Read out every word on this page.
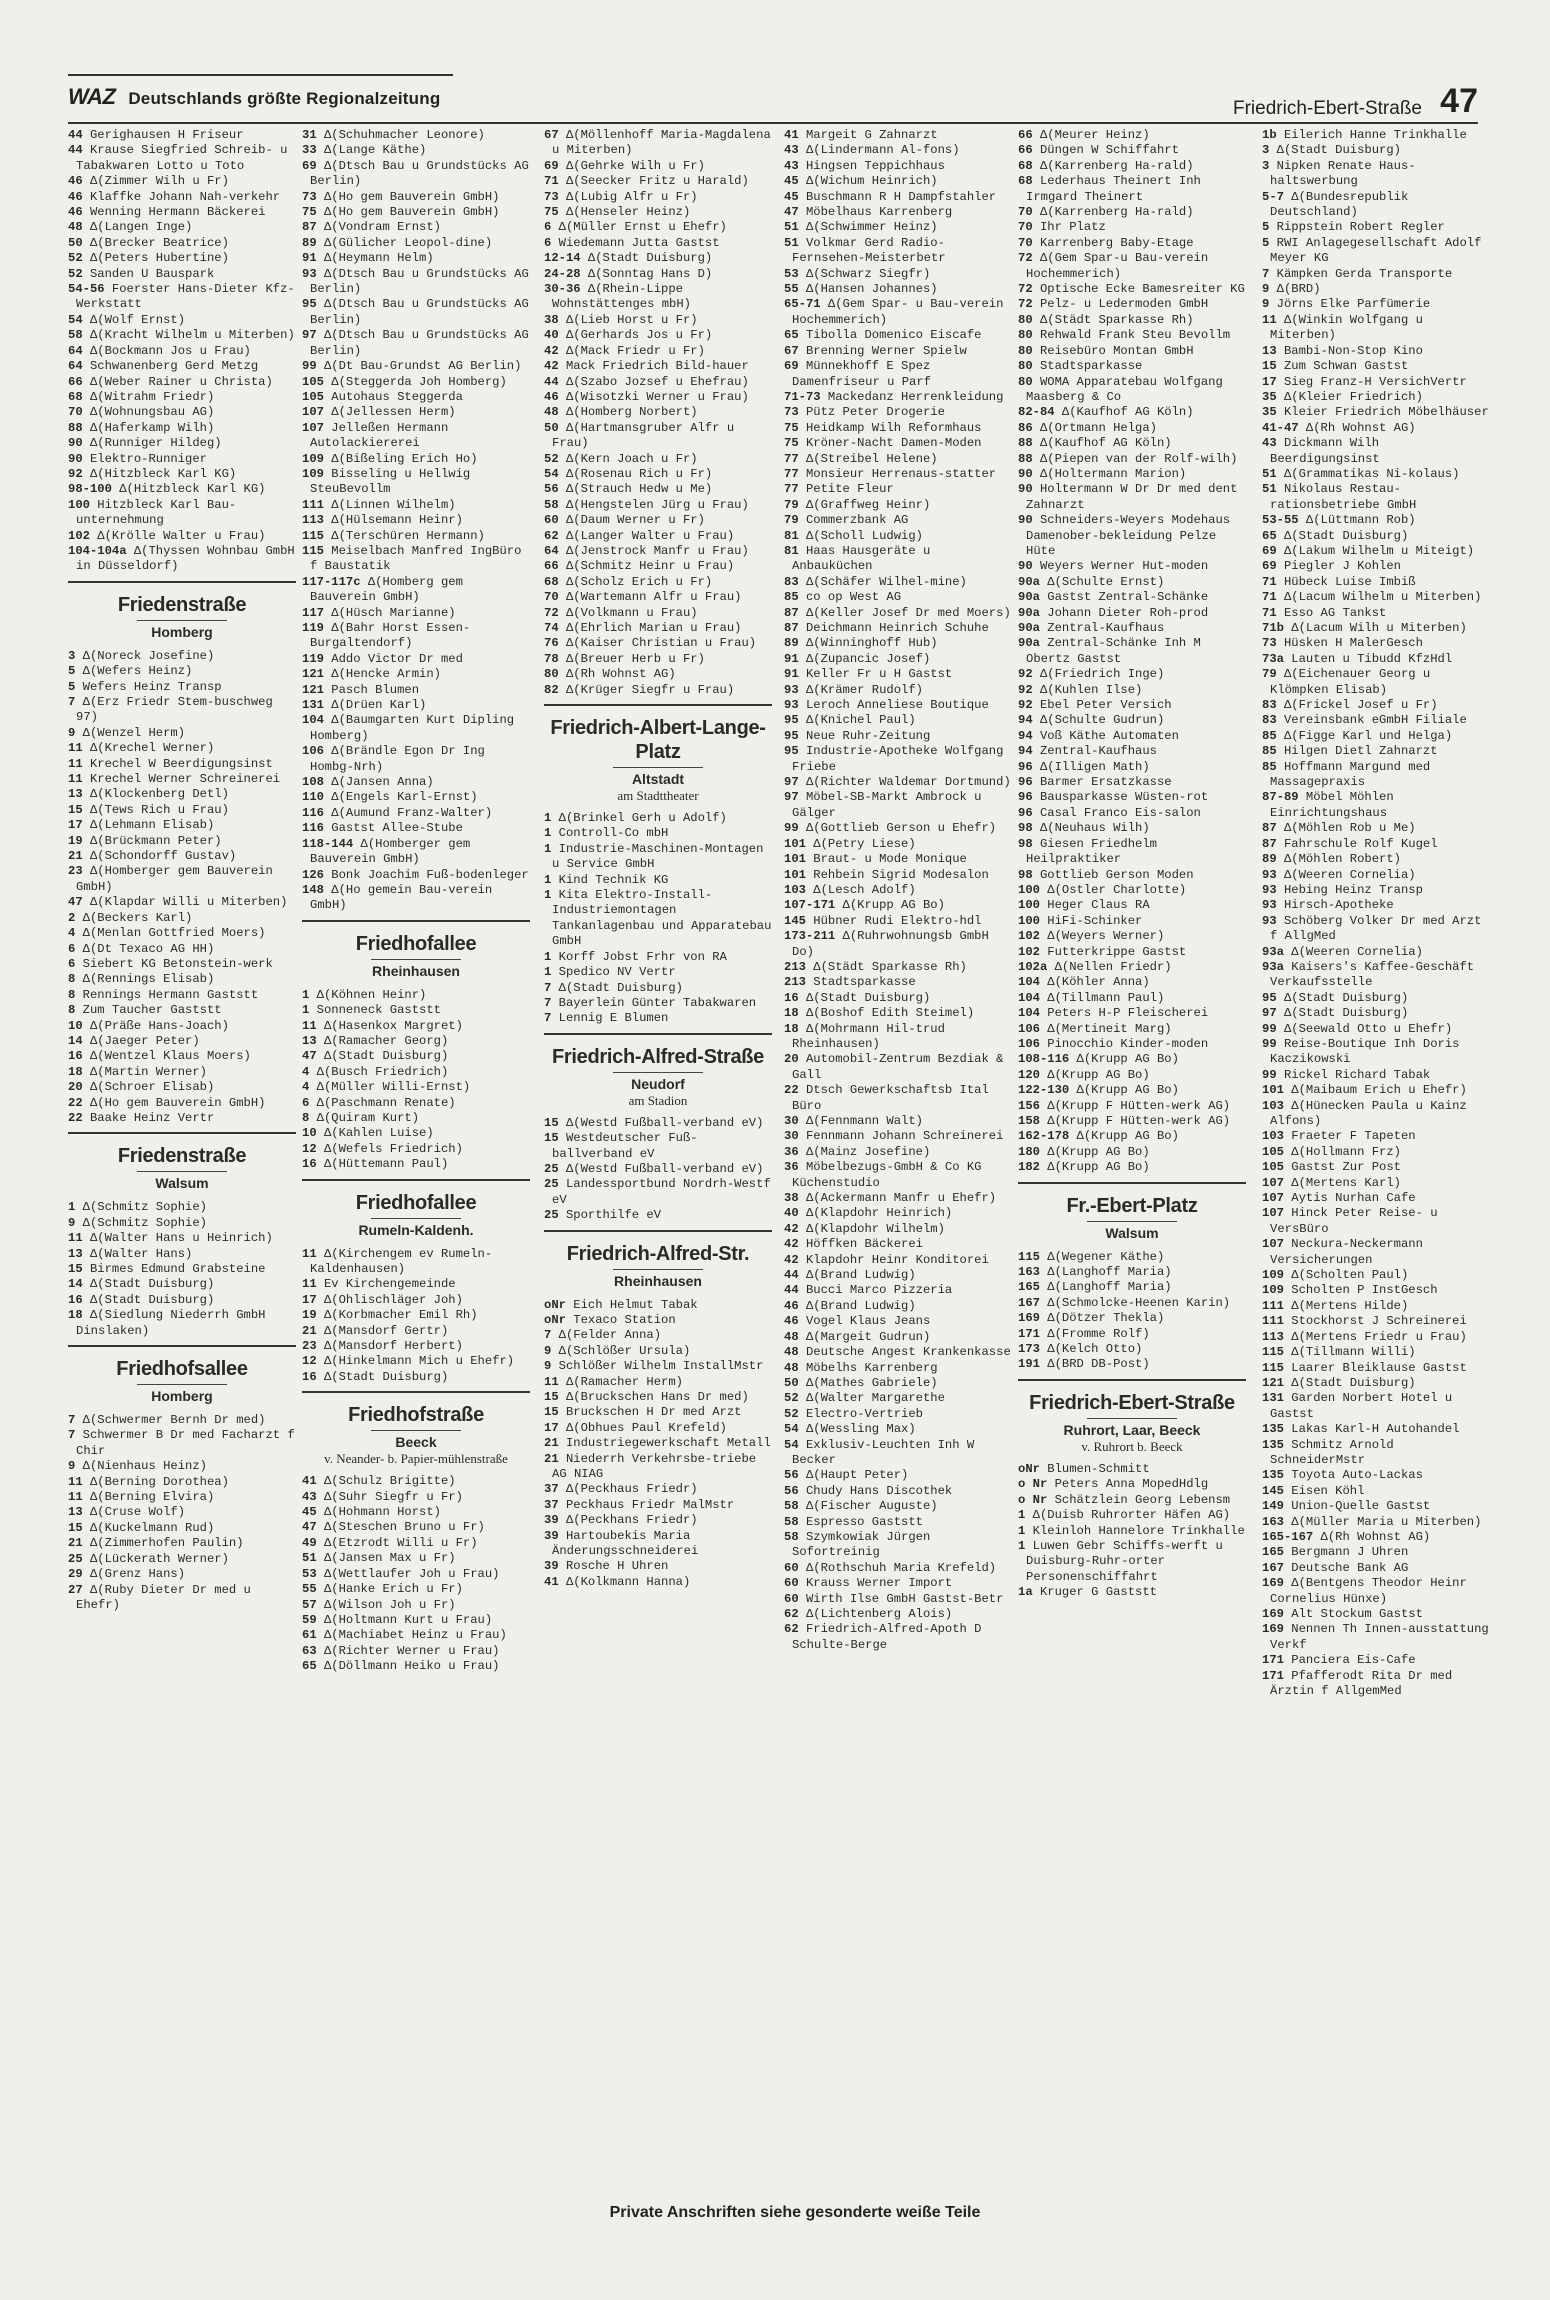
WAZ Deutschlands größte Regionalzeitung	Friedrich-Ebert-Straße 47

44 Gerighausen H Friseur

44 Krause Siegfried Schreib- u Tabakwaren Lotto u Toto

46 Δ(Zimmer Wilh u Fr)

46 Klaffke Johann Nah-verkehr

46 Wenning Hermann Bäckerei

48 Δ(Langen Inge)

50 Δ(Brecker Beatrice)

52 Δ(Peters Hubertine)

52 Sanden U Bauspark

54-56 Foerster Hans-Dieter Kfz-Werkstatt

54 Δ(Wolf Ernst)

58 Δ(Kracht Wilhelm u Miterben)

64 Δ(Bockmann Jos u Frau)

64 Schwanenberg Gerd Metzg

66 Δ(Weber Rainer u Christa)

68 Δ(Witrahm Friedr)

70 Δ(Wohnungsbau AG)

88 Δ(Haferkamp Wilh)

90 Δ(Runniger Hildeg)

90 Elektro-Runniger

92 Δ(Hitzbleck Karl KG)

98-100 Δ(Hitzbleck Karl KG)

100 Hitzbleck Karl Bau-unternehmung

102 Δ(Krölle Walter u Frau)

104-104a Δ(Thyssen Wohnbau GmbH in Düsseldorf)

Friedenstraße
Homberg

3 Δ(Noreck Josefine)

5 Δ(Wefers Heinz)

5 Wefers Heinz Transp

7 Δ(Erz Friedr Stem-buschweg 97)

9 Δ(Wenzel Herm)

11 Δ(Krechel Werner)

11 Krechel W Beerdigungsinst

11 Krechel Werner Schreinerei

13 Δ(Klockenberg Detl)

15 Δ(Tews Rich u Frau)

17 Δ(Lehmann Elisab)

19 Δ(Brückmann Peter)

21 Δ(Schondorff Gustav)

23 Δ(Homberger gem Bauverein GmbH)

47 Δ(Klapdar Willi u Miterben)

2 Δ(Beckers Karl)

4 Δ(Menlan Gottfried Moers)

6 Δ(Dt Texaco AG HH)

6 Siebert KG Betonstein-werk

8 Δ(Rennings Elisab)

8 Rennings Hermann Gaststt

8 Zum Taucher Gaststt

10 Δ(Präße Hans-Joach)

14 Δ(Jaeger Peter)

16 Δ(Wentzel Klaus Moers)

18 Δ(Martin Werner)

20 Δ(Schroer Elisab)

22 Δ(Ho gem Bauverein GmbH)

22 Baake Heinz Vertr

Friedenstraße
Walsum

1 Δ(Schmitz Sophie)

9 Δ(Schmitz Sophie)

11 Δ(Walter Hans u Heinrich)

13 Δ(Walter Hans)

15 Birmes Edmund Grabsteine

14 Δ(Stadt Duisburg)

16 Δ(Stadt Duisburg)

18 Δ(Siedlung Niederrh GmbH Dinslaken)

Friedhofsallee
Homberg

7 Δ(Schwermer Bernh Dr med)

7 Schwermer B Dr med Facharzt f Chir

9 Δ(Nienhaus Heinz)

11 Δ(Berning Dorothea)

11 Δ(Berning Elvira)

13 Δ(Cruse Wolf)

15 Δ(Kuckelmann Rud)

21 Δ(Zimmerhofen Paulin)

25 Δ(Lückerath Werner)

29 Δ(Grenz Hans)

27 Δ(Ruby Dieter Dr med u Ehefr)

31 Δ(Schuhmacher Leonore)

33 Δ(Lange Käthe)

69 Δ(Dtsch Bau u Grundstücks AG Berlin)

73 Δ(Ho gem Bauverein GmbH)

75 Δ(Ho gem Bauverein GmbH)

87 Δ(Vondram Ernst)

89 Δ(Gülicher Leopol-dine)

91 Δ(Heymann Helm)

93 Δ(Dtsch Bau u Grundstücks AG Berlin)

95 Δ(Dtsch Bau u Grundstücks AG Berlin)

97 Δ(Dtsch Bau u Grundstücks AG Berlin)

99 Δ(Dt Bau-Grundst AG Berlin)

105 Δ(Steggerda Joh Homberg)

105 Autohaus Steggerda

107 Δ(Jellessen Herm)

107 Jelleßen Hermann Autolackiererei

109 Δ(Bißeling Erich Ho)

109 Bisseling u Hellwig SteuBevollm

111 Δ(Linnen Wilhelm)

113 Δ(Hülsemann Heinr)

115 Δ(Terschüren Hermann)

115 Meiselbach Manfred IngBüro f Baustatik

117-117c Δ(Homberg gem Bauverein GmbH)

117 Δ(Hüsch Marianne)

119 Δ(Bahr Horst Essen-Burgaltendorf)

119 Addo Victor Dr med

121 Δ(Hencke Armin)

121 Pasch Blumen

131 Δ(Drüen Karl)

104 Δ(Baumgarten Kurt Dipling Homberg)

106 Δ(Brändle Egon Dr Ing Hombg-Nrh)

108 Δ(Jansen Anna)

110 Δ(Engels Karl-Ernst)

116 Δ(Aumund Franz-Walter)

116 Gastst Allee-Stube

118-144 Δ(Homberger gem Bauverein GmbH)

126 Bonk Joachim Fuß-bodenleger

148 Δ(Ho gemein Bau-verein GmbH)

Friedhofallee
Rheinhausen

1 Δ(Köhnen Heinr)

1 Sonneneck Gaststt

11 Δ(Hasenkox Margret)

13 Δ(Ramacher Georg)

47 Δ(Stadt Duisburg)

4 Δ(Busch Friedrich)

4 Δ(Müller Willi-Ernst)

6 Δ(Paschmann Renate)

8 Δ(Quiram Kurt)

10 Δ(Kahlen Luise)

12 Δ(Wefels Friedrich)

16 Δ(Hüttemann Paul)

Friedhofallee
Rumeln-Kaldenh.

11 Δ(Kirchengem ev Rumeln-Kaldenhausen)

11 Ev Kirchengemeinde

17 Δ(Ohlischläger Joh)

19 Δ(Korbmacher Emil Rh)

21 Δ(Mansdorf Gertr)

23 Δ(Mansdorf Herbert)

12 Δ(Hinkelmann Mich u Ehefr)

16 Δ(Stadt Duisburg)

Friedhofstraße
Beeck
v. Neander- b. Papier-mühlenstraße

41 Δ(Schulz Brigitte)

43 Δ(Suhr Siegfr u Fr)

45 Δ(Hohmann Horst)

47 Δ(Steschen Bruno u Fr)

49 Δ(Etzrodt Willi u Fr)

51 Δ(Jansen Max u Fr)

53 Δ(Wettlaufer Joh u Frau)

55 Δ(Hanke Erich u Fr)

57 Δ(Wilson Joh u Fr)

59 Δ(Holtmann Kurt u Frau)

61 Δ(Machiabet Heinz u Frau)

63 Δ(Richter Werner u Frau)

65 Δ(Döllmann Heiko u Frau)

67 Δ(Möllenhoff Maria-Magdalena u Miterben)

69 Δ(Gehrke Wilh u Fr)

71 Δ(Seecker Fritz u Harald)

73 Δ(Lubig Alfr u Fr)

75 Δ(Henseler Heinz)

6 Δ(Müller Ernst u Ehefr)

6 Wiedemann Jutta Gastst

12-14 Δ(Stadt Duisburg)

24-28 Δ(Sonntag Hans D)

30-36 Δ(Rhein-Lippe Wohnstättenges mbH)

38 Δ(Lieb Horst u Fr)

40 Δ(Gerhards Jos u Fr)

42 Δ(Mack Friedr u Fr)

42 Mack Friedrich Bild-hauer

44 Δ(Szabo Jozsef u Ehefrau)

46 Δ(Wisotzki Werner u Frau)

48 Δ(Homberg Norbert)

50 Δ(Hartmansgruber Alfr u Frau)

52 Δ(Kern Joach u Fr)

54 Δ(Rosenau Rich u Fr)

56 Δ(Strauch Hedw u Me)

58 Δ(Hengstelen Jürg u Frau)

60 Δ(Daum Werner u Fr)

62 Δ(Langer Walter u Frau)

64 Δ(Jenstrock Manfr u Frau)

66 Δ(Schmitz Heinr u Frau)

68 Δ(Scholz Erich u Fr)

70 Δ(Wartemann Alfr u Frau)

72 Δ(Volkmann u Frau)

74 Δ(Ehrlich Marian u Frau)

76 Δ(Kaiser Christian u Frau)

78 Δ(Breuer Herb u Fr)

80 Δ(Rh Wohnst AG)

82 Δ(Krüger Siegfr u Frau)

Friedrich-Albert-Lange-Platz
Altstadt
am Stadttheater

1 Δ(Brinkel Gerh u Adolf)

1 Controll-Co mbH

1 Industrie-Maschinen-Montagen u Service GmbH

1 Kind Technik KG

1 Kita Elektro-Install-Industriemontagen Tankanlagenbau und Apparatebau GmbH

1 Korff Jobst Frhr von RA

1 Spedico NV Vertr

7 Δ(Stadt Duisburg)

7 Bayerlein Günter Tabakwaren

7 Lennig E Blumen

Friedrich-Alfred-Straße
Neudorf
am Stadion

15 Δ(Westd Fußball-verband eV)

15 Westdeutscher Fuß-ballverband eV

25 Δ(Westd Fußball-verband eV)

25 Landessportbund Nordrh-Westf eV

25 Sporthilfe eV

Friedrich-Alfred-Str.
Rheinhausen

oNr Eich Helmut Tabak

oNr Texaco Station

7 Δ(Felder Anna)

9 Δ(Schlößer Ursula)

9 Schlößer Wilhelm InstallMstr

11 Δ(Ramacher Herm)

15 Δ(Bruckschen Hans Dr med)

15 Bruckschen H Dr med Arzt

17 Δ(Obhues Paul Krefeld)

21 Industriegewerkschaft Metall

21 Niederrh Verkehrsbe-triebe AG NIAG

37 Δ(Peckhaus Friedr)

37 Peckhaus Friedr MalMstr

39 Δ(Peckhans Friedr)

39 Hartoubekis Maria Änderungsschneiderei

39 Rosche H Uhren

41 Δ(Kolkmann Hanna)

41 Margeit G Zahnarzt

43 Δ(Lindermann Al-fons)

43 Hingsen Teppichhaus

45 Δ(Wichum Heinrich)

45 Buschmann R H Dampfstahler

47 Möbelhaus Karrenberg

51 Δ(Schwimmer Heinz)

51 Volkmar Gerd Radio-Fernsehen-Meisterbetr

53 Δ(Schwarz Siegfr)

55 Δ(Hansen Johannes)

65-71 Δ(Gem Spar- u Bau-verein Hochemmerich)

65 Tibolla Domenico Eiscafe

67 Brenning Werner Spielw

69 Münnekhoff E Spez Damenfriseur u Parf

71-73 Mackedanz Herrenkleidung

73 Pütz Peter Drogerie

75 Heidkamp Wilh Reformhaus

75 Kröner-Nacht Damen-Moden

77 Δ(Streibel Helene)

77 Monsieur Herrenaus-statter

77 Petite Fleur

79 Δ(Graffweg Heinr)

79 Commerzbank AG

81 Δ(Scholl Ludwig)

81 Haas Hausgeräte u Anbauküchen

83 Δ(Schäfer Wilhel-mine)

85 co op West AG

87 Δ(Keller Josef Dr med Moers)

87 Deichmann Heinrich Schuhe

89 Δ(Winninghoff Hub)

91 Δ(Zupancic Josef)

91 Keller Fr u H Gastst

93 Δ(Krämer Rudolf)

93 Leroch Anneliese Boutique

95 Δ(Knichel Paul)

95 Neue Ruhr-Zeitung

95 Industrie-Apotheke Wolfgang Friebe

97 Δ(Richter Waldemar Dortmund)

97 Möbel-SB-Markt Ambrock u Gälger

99 Δ(Gottlieb Gerson u Ehefr)

101 Δ(Petry Liese)

101 Braut- u Mode Monique

101 Rehbein Sigrid Modesalon

103 Δ(Lesch Adolf)

107-171 Δ(Krupp AG Bo)

145 Hübner Rudi Elektro-hdl

173-211 Δ(Ruhrwohnungsb GmbH Do)

213 Δ(Städt Sparkasse Rh)

213 Stadtsparkasse

16 Δ(Stadt Duisburg)

18 Δ(Boshof Edith Steimel)

18 Δ(Mohrmann Hil-trud Rheinhausen)

20 Automobil-Zentrum Bezdiak & Gall

22 Dtsch Gewerkschaftsb Ital Büro

30 Δ(Fennmann Walt)

30 Fennmann Johann Schreinerei

36 Δ(Mainz Josefine)

36 Möbelbezugs-GmbH & Co KG Küchenstudio

38 Δ(Ackermann Manfr u Ehefr)

40 Δ(Klapdohr Heinrich)

42 Δ(Klapdohr Wilhelm)

42 Höffken Bäckerei

42 Klapdohr Heinr Konditorei

44 Δ(Brand Ludwig)

44 Bucci Marco Pizzeria

46 Δ(Brand Ludwig)

46 Vogel Klaus Jeans

48 Δ(Margeit Gudrun)

48 Deutsche Angest Krankenkasse

48 Möbelhs Karrenberg

50 Δ(Mathes Gabriele)

52 Δ(Walter Margarethe

52 Electro-Vertrieb

54 Δ(Wessling Max)

54 Exklusiv-Leuchten Inh W Becker

56 Δ(Haupt Peter)

56 Chudy Hans Discothek

58 Δ(Fischer Auguste)

58 Espresso Gaststt

58 Szymkowiak Jürgen Sofortreinig

60 Δ(Rothschuh Maria Krefeld)

60 Krauss Werner Import

60 Wirth Ilse GmbH Gastst-Betr

62 Δ(Lichtenberg Alois)

62 Friedrich-Alfred-Apoth D Schulte-Berge

66 Δ(Meurer Heinz)

66 Düngen W Schiffahrt

68 Δ(Karrenberg Ha-rald)

68 Lederhaus Theinert Inh Irmgard Theinert

70 Δ(Karrenberg Ha-rald)

70 Ihr Platz

70 Karrenberg Baby-Etage

72 Δ(Gem Spar-u Bau-verein Hochemmerich)

72 Optische Ecke Bamesreiter KG

72 Pelz- u Ledermoden GmbH

80 Δ(Städt Sparkasse Rh)

80 Rehwald Frank Steu Bevollm

80 Reisebüro Montan GmbH

80 Stadtsparkasse

80 WOMA Apparatebau Wolfgang Maasberg & Co

82-84 Δ(Kaufhof AG Köln)

86 Δ(Ortmann Helga)

88 Δ(Kaufhof AG Köln)

88 Δ(Piepen van der Rolf-wilh)

90 Δ(Holtermann Marion)

90 Holtermann W Dr Dr med dent Zahnarzt

90 Schneiders-Weyers Modehaus Damenober-bekleidung Pelze Hüte

90 Weyers Werner Hut-moden

90a Δ(Schulte Ernst)

90a Gastst Zentral-Schänke

90a Johann Dieter Roh-prod

90a Zentral-Kaufhaus

90a Zentral-Schänke Inh M Obertz Gastst

92 Δ(Friedrich Inge)

92 Δ(Kuhlen Ilse)

92 Ebel Peter Versich

94 Δ(Schulte Gudrun)

94 Voß Käthe Automaten

94 Zentral-Kaufhaus

96 Δ(Illigen Math)

96 Barmer Ersatzkasse

96 Bausparkasse Wüsten-rot

96 Casal Franco Eis-salon

98 Δ(Neuhaus Wilh)

98 Giesen Friedhelm Heilpraktiker

98 Gottlieb Gerson Moden

100 Δ(Ostler Charlotte)

100 Heger Claus RA

100 HiFi-Schinker

102 Δ(Weyers Werner)

102 Futterkrippe Gastst

102a Δ(Nellen Friedr)

104 Δ(Köhler Anna)

104 Δ(Tillmann Paul)

104 Peters H-P Fleischerei

106 Δ(Mertineit Marg)

106 Pinocchio Kinder-moden

108-116 Δ(Krupp AG Bo)

120 Δ(Krupp AG Bo)

122-130 Δ(Krupp AG Bo)

156 Δ(Krupp F Hütten-werk AG)

158 Δ(Krupp F Hütten-werk AG)

162-178 Δ(Krupp AG Bo)

180 Δ(Krupp AG Bo)

182 Δ(Krupp AG Bo)

Fr.-Ebert-Platz
Walsum

115 Δ(Wegener Käthe)

163 Δ(Langhoff Maria)

165 Δ(Langhoff Maria)

167 Δ(Schmolcke-Heenen Karin)

169 Δ(Dötzer Thekla)

171 Δ(Fromme Rolf)

173 Δ(Kelch Otto)

191 Δ(BRD DB-Post)

Friedrich-Ebert-Straße
Ruhrort, Laar, Beeck
v. Ruhrort b. Beeck

oNr Blumen-Schmitt

o Nr Peters Anna MopedHdlg

o Nr Schätzlein Georg Lebensm

1 Δ(Duisb Ruhrorter Häfen AG)

1 Kleinloh Hannelore Trinkhalle

1 Luwen Gebr Schiffs-werft u Duisburg-Ruhr-orter Personenschiffahrt

1a Kruger G Gaststt

1b Eilerich Hanne Trinkhalle

3 Δ(Stadt Duisburg)

3 Nipken Renate Haus-haltswerbung

5-7 Δ(Bundesrepublik Deutschland)

5 Rippstein Robert Regler

5 RWI Anlagegesellschaft Adolf Meyer KG

7 Kämpken Gerda Transporte

9 Δ(BRD)

9 Jörns Elke Parfümerie

11 Δ(Winkin Wolfgang u Miterben)

13 Bambi-Non-Stop Kino

15 Zum Schwan Gastst

17 Sieg Franz-H VersichVertr

35 Δ(Kleier Friedrich)

35 Kleier Friedrich Möbelhäuser

41-47 Δ(Rh Wohnst AG)

43 Dickmann Wilh Beerdigungsinst

51 Δ(Grammatikas Ni-kolaus)

51 Nikolaus Restau-rationsbetriebe GmbH

53-55 Δ(Lüttmann Rob)

65 Δ(Stadt Duisburg)

69 Δ(Lakum Wilhelm u Miteigt)

69 Piegler J Kohlen

71 Hübeck Luise Imbiß

71 Δ(Lacum Wilhelm u Miterben)

71 Esso AG Tankst

71b Δ(Lacum Wilh u Miterben)

73 Hüsken H MalerGesch

73a Lauten u Tibudd KfzHdl

79 Δ(Eichenauer Georg u Klömpken Elisab)

83 Δ(Frickel Josef u Fr)

83 Vereinsbank eGmbH Filiale

85 Δ(Figge Karl und Helga)

85 Hilgen Dietl Zahnarzt

85 Hoffmann Margund med Massagepraxis

87-89 Möbel Möhlen Einrichtungshaus

87 Δ(Möhlen Rob u Me)

87 Fahrschule Rolf Kugel

89 Δ(Möhlen Robert)

93 Δ(Weeren Cornelia)

93 Hebing Heinz Transp

93 Hirsch-Apotheke

93 Schöberg Volker Dr med Arzt f AllgMed

93a Δ(Weeren Cornelia)

93a Kaisers's Kaffee-Geschäft Verkaufsstelle

95 Δ(Stadt Duisburg)

97 Δ(Stadt Duisburg)

99 Δ(Seewald Otto u Ehefr)

99 Reise-Boutique Inh Doris Kaczikowski

99 Rickel Richard Tabak

101 Δ(Maibaum Erich u Ehefr)

103 Δ(Hünecken Paula u Kainz Alfons)

103 Fraeter F Tapeten

105 Δ(Hollmann Frz)

105 Gastst Zur Post

107 Δ(Mertens Karl)

107 Aytis Nurhan Cafe

107 Hinck Peter Reise- u VersBüro

107 Neckura-Neckermann Versicherungen

109 Δ(Scholten Paul)

109 Scholten P InstGesch

111 Δ(Mertens Hilde)

111 Stockhorst J Schreinerei

113 Δ(Mertens Friedr u Frau)

115 Δ(Tillmann Willi)

115 Laarer Bleiklause Gastst

121 Δ(Stadt Duisburg)

131 Garden Norbert Hotel u Gastst

135 Lakas Karl-H Autohandel

135 Schmitz Arnold SchneiderMstr

135 Toyota Auto-Lackas

145 Eisen Köhl

149 Union-Quelle Gastst

163 Δ(Müller Maria u Miterben)

165-167 Δ(Rh Wohnst AG)

165 Bergmann J Uhren

167 Deutsche Bank AG

169 Δ(Bentgens Theodor Heinr Cornelius Hünxe)

169 Alt Stockum Gastst

169 Nennen Th Innen-ausstattung Verkf

171 Panciera Eis-Cafe

171 Pfafferodt Rita Dr med Ärztin f AllgemMed

Private Anschriften siehe gesonderte weiße Teile
